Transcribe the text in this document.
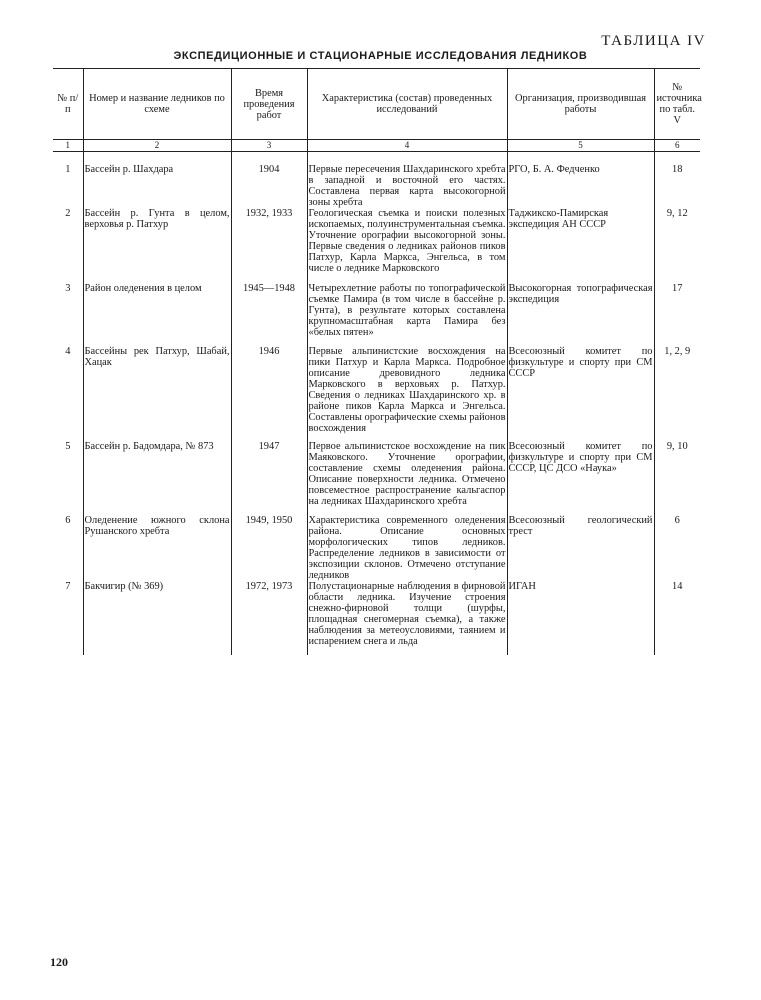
ТАБЛИЦА IV
ЭКСПЕДИЦИОННЫЕ И СТАЦИОНАРНЫЕ ИССЛЕДОВАНИЯ ЛЕДНИКОВ
№ п/п	Номер и название ледников по схеме	Время проведения работ	Характеристика (состав) проведенных исследований	Организация, производившая работы	№ источника по табл. V
1	2	3	4	5	6

1	Бассейн р. Шахдара	1904	Первые пересечения Шахдаринского хребта в западной и восточной его частях. Составлена первая карта высокогорной зоны хребта	РГО, Б. А. Федченко	18
2	Бассейн р. Гунта в целом, верховья р. Патхур	1932, 1933	Геологическая съемка и поиски полезных ископаемых, полуинструментальная съемка. Уточнение орографии высокогорной зоны. Первые сведения о ледниках районов пиков Патхур, Карла Маркса, Энгельса, в том числе о леднике Марковского	Таджикско-Памирская экспедиция АН СССР	9, 12
3	Район оледенения в целом	1945—1948	Четырехлетние работы по топографической съемке Памира (в том числе в бассейне р. Гунта), в результате которых составлена крупномасштабная карта Памира без «белых пятен»	Высокогорная топографическая экспедиция	17
4	Бассейны рек Патхур, Шабай, Хацак	1946	Первые альпинистские восхождения на пики Патхур и Карла Маркса. Подробное описание древовидного ледника Марковского в верховьях р. Патхур. Сведения о ледниках Шахдаринского хр. в районе пиков Карла Маркса и Энгельса. Составлены орографические схемы районов восхождения	Всесоюзный комитет по физкультуре и спорту при СМ СССР	1, 2, 9
5	Бассейн р. Бадомдара, № 873	1947	Первое альпинистское восхождение на пик Маяковского. Уточнение орографии, составление схемы оледенения района. Описание поверхности ледника. Отмечено повсеместное распространение кальгаспор на ледниках Шахдаринского хребта	Всесоюзный комитет по физкультуре и спорту при СМ СССР, ЦС ДСО «Наука»	9, 10
6	Оледенение южного склона Рушанского хребта	1949, 1950	Характеристика современного оледенения района. Описание основных морфологических типов ледников. Распределение ледников в зависимости от экспозиции склонов. Отмечено отступание ледников	Всесоюзный геологический трест	6
7	Бакчигир (№ 369)	1972, 1973	Полустационарные наблюдения в фирновой области ледника. Изучение строения снежно-фирновой толщи (шурфы, площадная снегомерная съемка), а также наблюдения за метеоусловиями, таянием и испарением снега и льда	ИГАН	14
120
